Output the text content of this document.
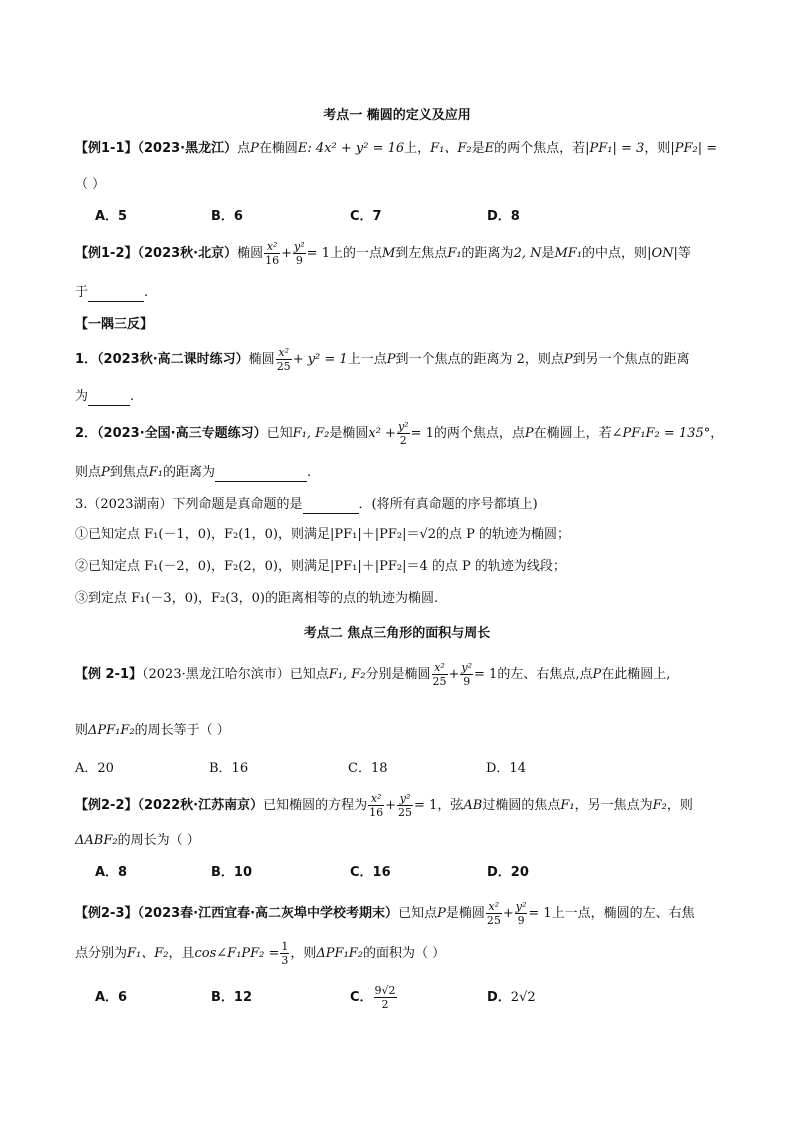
考点一 椭圆的定义及应用
【例1-1】（2023·黑龙江）点P在椭圆E: 4x² + y² = 16上，F₁、F₂是E的两个焦点，若|PF₁| = 3，则|PF₂| =
（ ）
A．5	B．6	C．7	D．8
【例1-2】（2023秋·北京）椭圆 $\frac{\text{x²}}{16} + \frac{\text{y²}}{9} = 1$上的一点M到左焦点F₁的距离为2, N是MF₁的中点，则|ON|等
于	.
【一隅三反】
1．（2023秋·高二课时练习）椭圆 $\frac{\text{x²}}{25} + y^2 = 1$上一点P到一个焦点的距离为 2，则点P到另一个焦点的距离
为	.
2．（2023·全国·高三专题练习）已知F₁, F₂是椭圆$x^2 + \frac{\text{y²}}{2} = 1$的两个焦点，点P在椭圆上，若∠PF₁F₂ = 135°，
则点P到焦点F₁的距离为	.
3.（2023湖南）下列命题是真命题的是	．(将所有真命题的序号都填上)
①已知定点 F₁(－1，0)，F₂(1，0)，则满足|PF₁|＋|PF₂|＝√2的点 P 的轨迹为椭圆；
②已知定点 F₁(－2，0)，F₂(2，0)，则满足|PF₁|＋|PF₂|＝4 的点 P 的轨迹为线段；
③到定点 F₁(－3，0)，F₂(3，0)的距离相等的点的轨迹为椭圆.
考点二 焦点三角形的面积与周长
【例 2-1】（2023·黑龙江哈尔滨市）已知点F₁, F₂分别是椭圆 $\frac{\text{x²}}{25} + \frac{\text{y²}}{9} = 1$的左、右焦点,点P在此椭圆上,
则ΔPF₁F₂的周长等于（ ）
A．20	B．16	C．18	D．14
【例2-2】（2022秋·江苏南京）已知椭圆的方程为 $\frac{\text{x²}}{16} + \frac{\text{y²}}{25} = 1$，弦AB过椭圆的焦点F₁，另一焦点为F₂，则
ΔABF₂的周长为（ ）
A．8	B．10	C．16	D．20
【例2-3】（2023春·江西宜春·高二灰埠中学校考期末）已知点P是椭圆 $\frac{\text{x²}}{25} + \frac{\text{y²}}{9} = 1$上一点，椭圆的左、右焦
点分别为F₁、F₂，且cos∠F₁PF₂ = $\frac{1}{3}$ ，则ΔPF₁F₂的面积为（ ）
A．6	B．12	C． $\frac{9√2}{2}$	D．2√2
